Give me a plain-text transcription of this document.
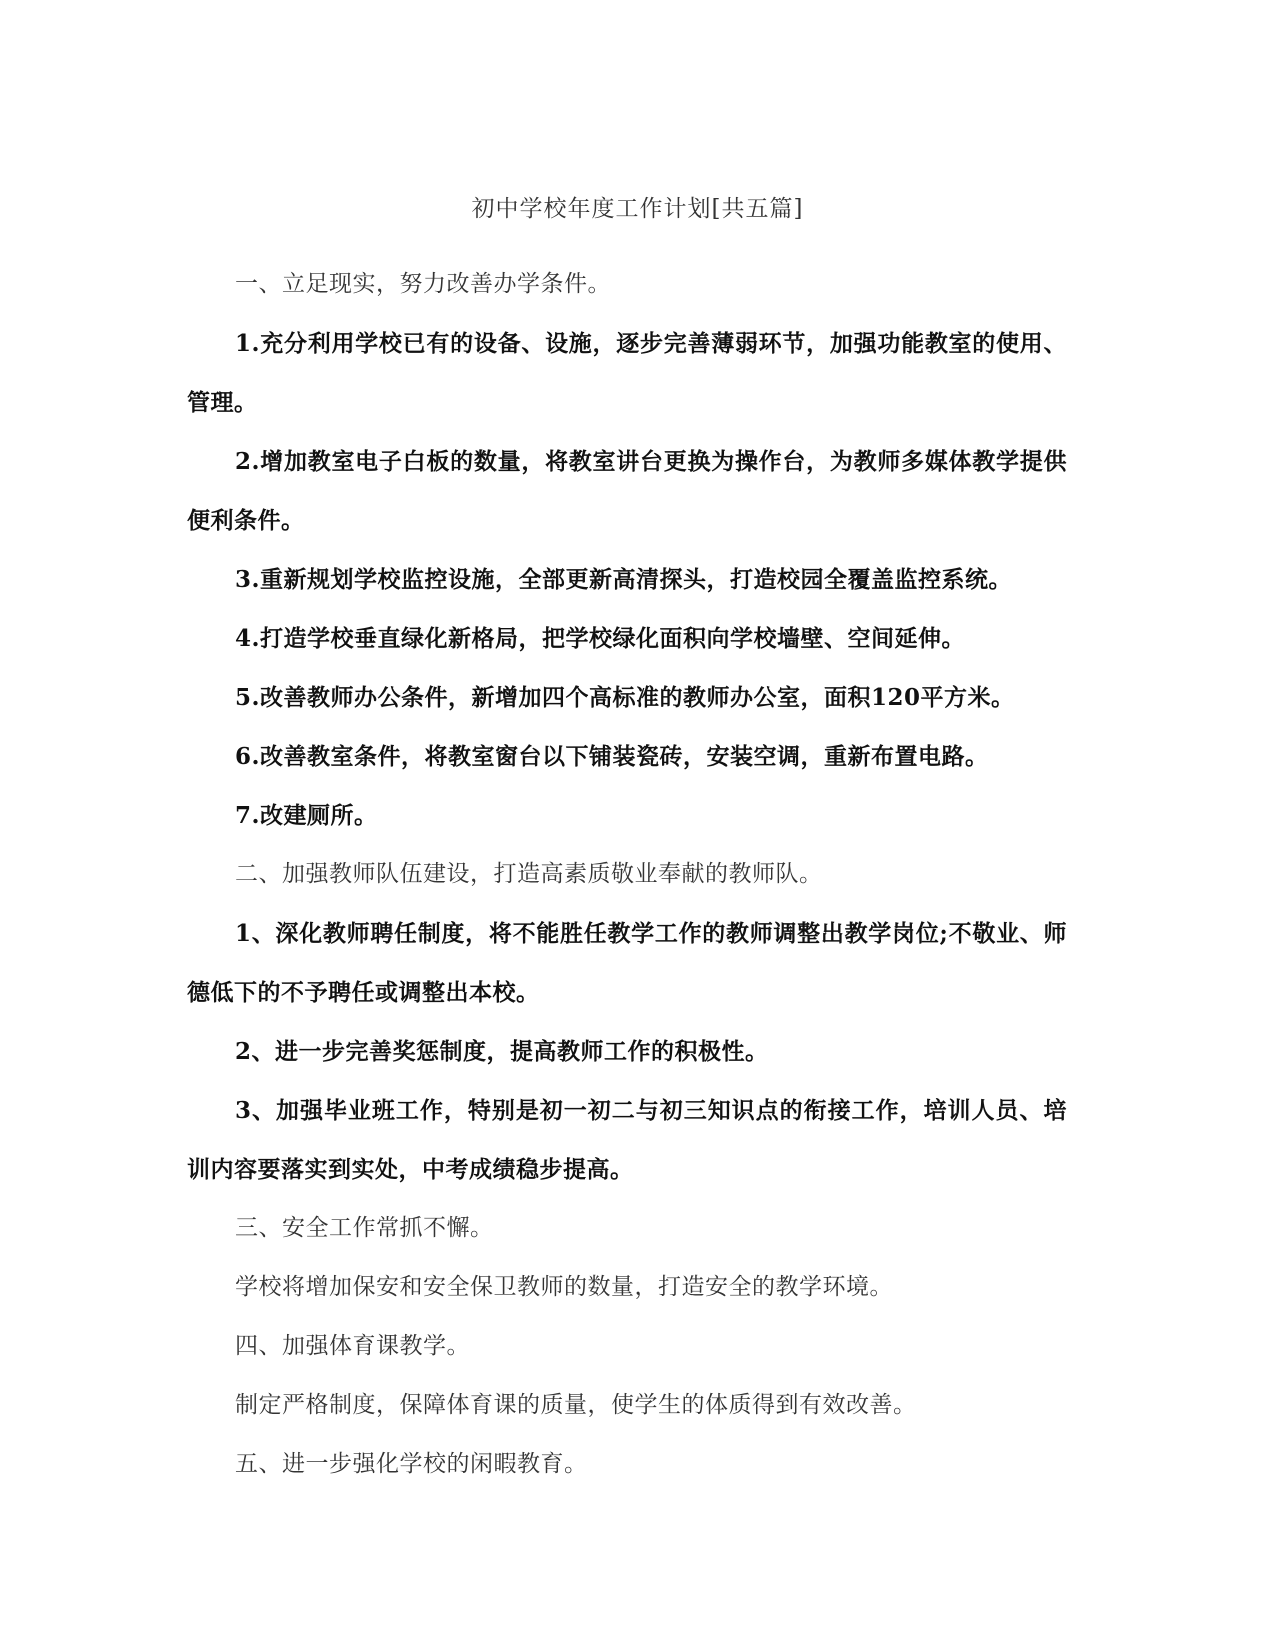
初中学校年度工作计划[共五篇]

一、立足现实，努力改善办学条件。

1.充分利用学校已有的设备、设施，逐步完善薄弱环节，加强功能教室的使用、管理。

2.增加教室电子白板的数量，将教室讲台更换为操作台，为教师多媒体教学提供便利条件。

3.重新规划学校监控设施，全部更新高清探头，打造校园全覆盖监控系统。

4.打造学校垂直绿化新格局，把学校绿化面积向学校墙壁、空间延伸。

5.改善教师办公条件，新增加四个高标准的教师办公室，面积120平方米。

6.改善教室条件，将教室窗台以下铺装瓷砖，安装空调，重新布置电路。

7.改建厕所。

二、加强教师队伍建设，打造高素质敬业奉献的教师队。

1、深化教师聘任制度，将不能胜任教学工作的教师调整出教学岗位;不敬业、师德低下的不予聘任或调整出本校。

2、进一步完善奖惩制度，提高教师工作的积极性。

3、加强毕业班工作，特别是初一初二与初三知识点的衔接工作，培训人员、培训内容要落实到实处，中考成绩稳步提高。

三、安全工作常抓不懈。

学校将增加保安和安全保卫教师的数量，打造安全的教学环境。

四、加强体育课教学。

制定严格制度，保障体育课的质量，使学生的体质得到有效改善。

五、进一步强化学校的闲暇教育。
